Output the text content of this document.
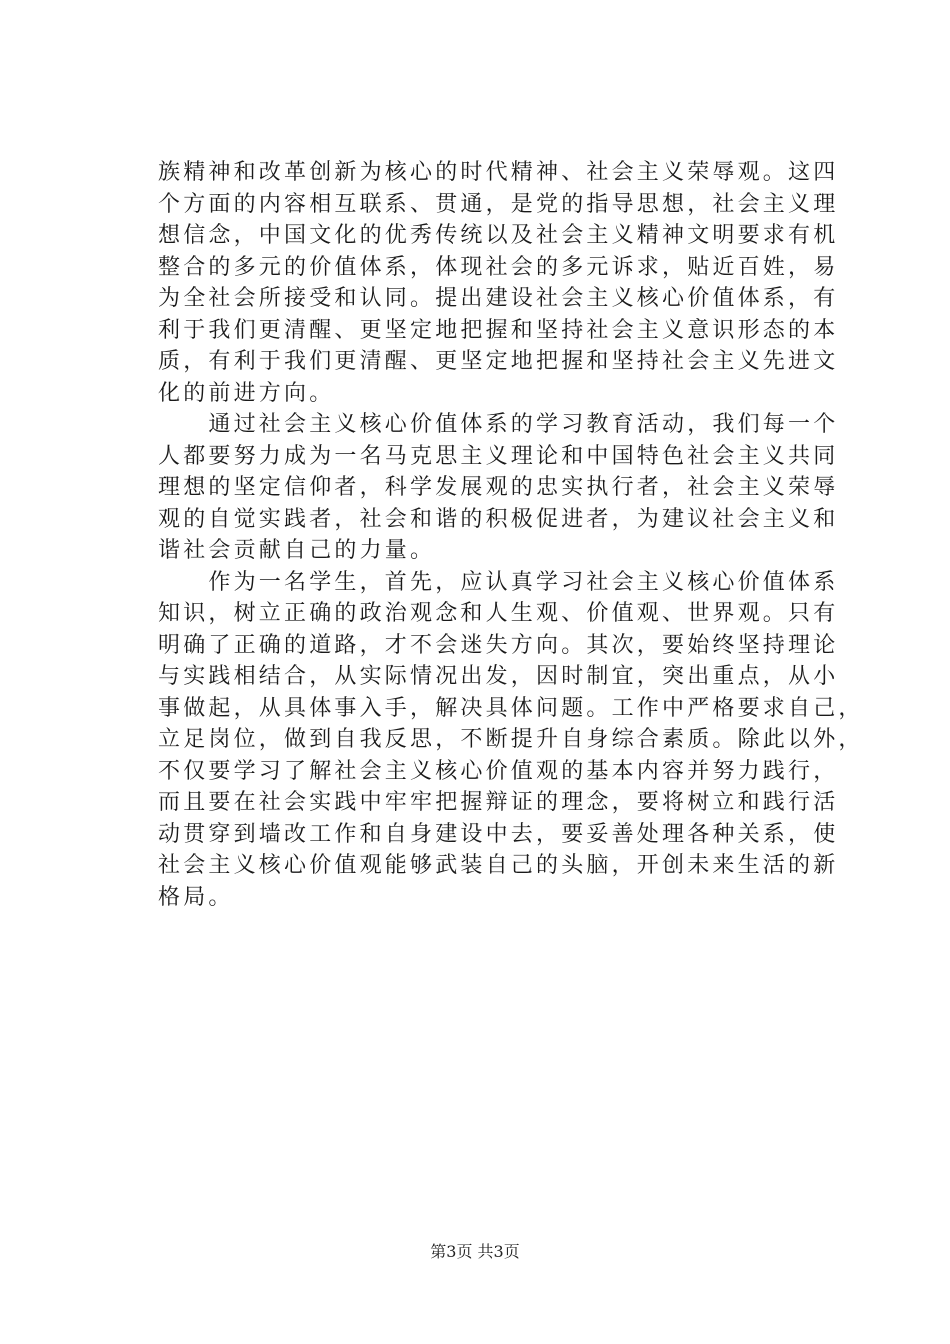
族精神和改革创新为核心的时代精神、社会主义荣辱观。这四
个方面的内容相互联系、贯通，是党的指导思想，社会主义理
想信念，中国文化的优秀传统以及社会主义精神文明要求有机
整合的多元的价值体系，体现社会的多元诉求，贴近百姓，易
为全社会所接受和认同。提出建设社会主义核心价值体系，有
利于我们更清醒、更坚定地把握和坚持社会主义意识形态的本
质，有利于我们更清醒、更坚定地把握和坚持社会主义先进文
化的前进方向。
　　通过社会主义核心价值体系的学习教育活动，我们每一个
人都要努力成为一名马克思主义理论和中国特色社会主义共同
理想的坚定信仰者，科学发展观的忠实执行者，社会主义荣辱
观的自觉实践者，社会和谐的积极促进者，为建议社会主义和
谐社会贡献自己的力量。
　　作为一名学生，首先，应认真学习社会主义核心价值体系
知识，树立正确的政治观念和人生观、价值观、世界观。只有
明确了正确的道路，才不会迷失方向。其次，要始终坚持理论
与实践相结合，从实际情况出发，因时制宜，突出重点，从小
事做起，从具体事入手，解决具体问题。工作中严格要求自己，
立足岗位，做到自我反思，不断提升自身综合素质。除此以外，
不仅要学习了解社会主义核心价值观的基本内容并努力践行，
而且要在社会实践中牢牢把握辩证的理念，要将树立和践行活
动贯穿到墙改工作和自身建设中去，要妥善处理各种关系，使
社会主义核心价值观能够武装自己的头脑，开创未来生活的新
格局。
第3页 共3页
